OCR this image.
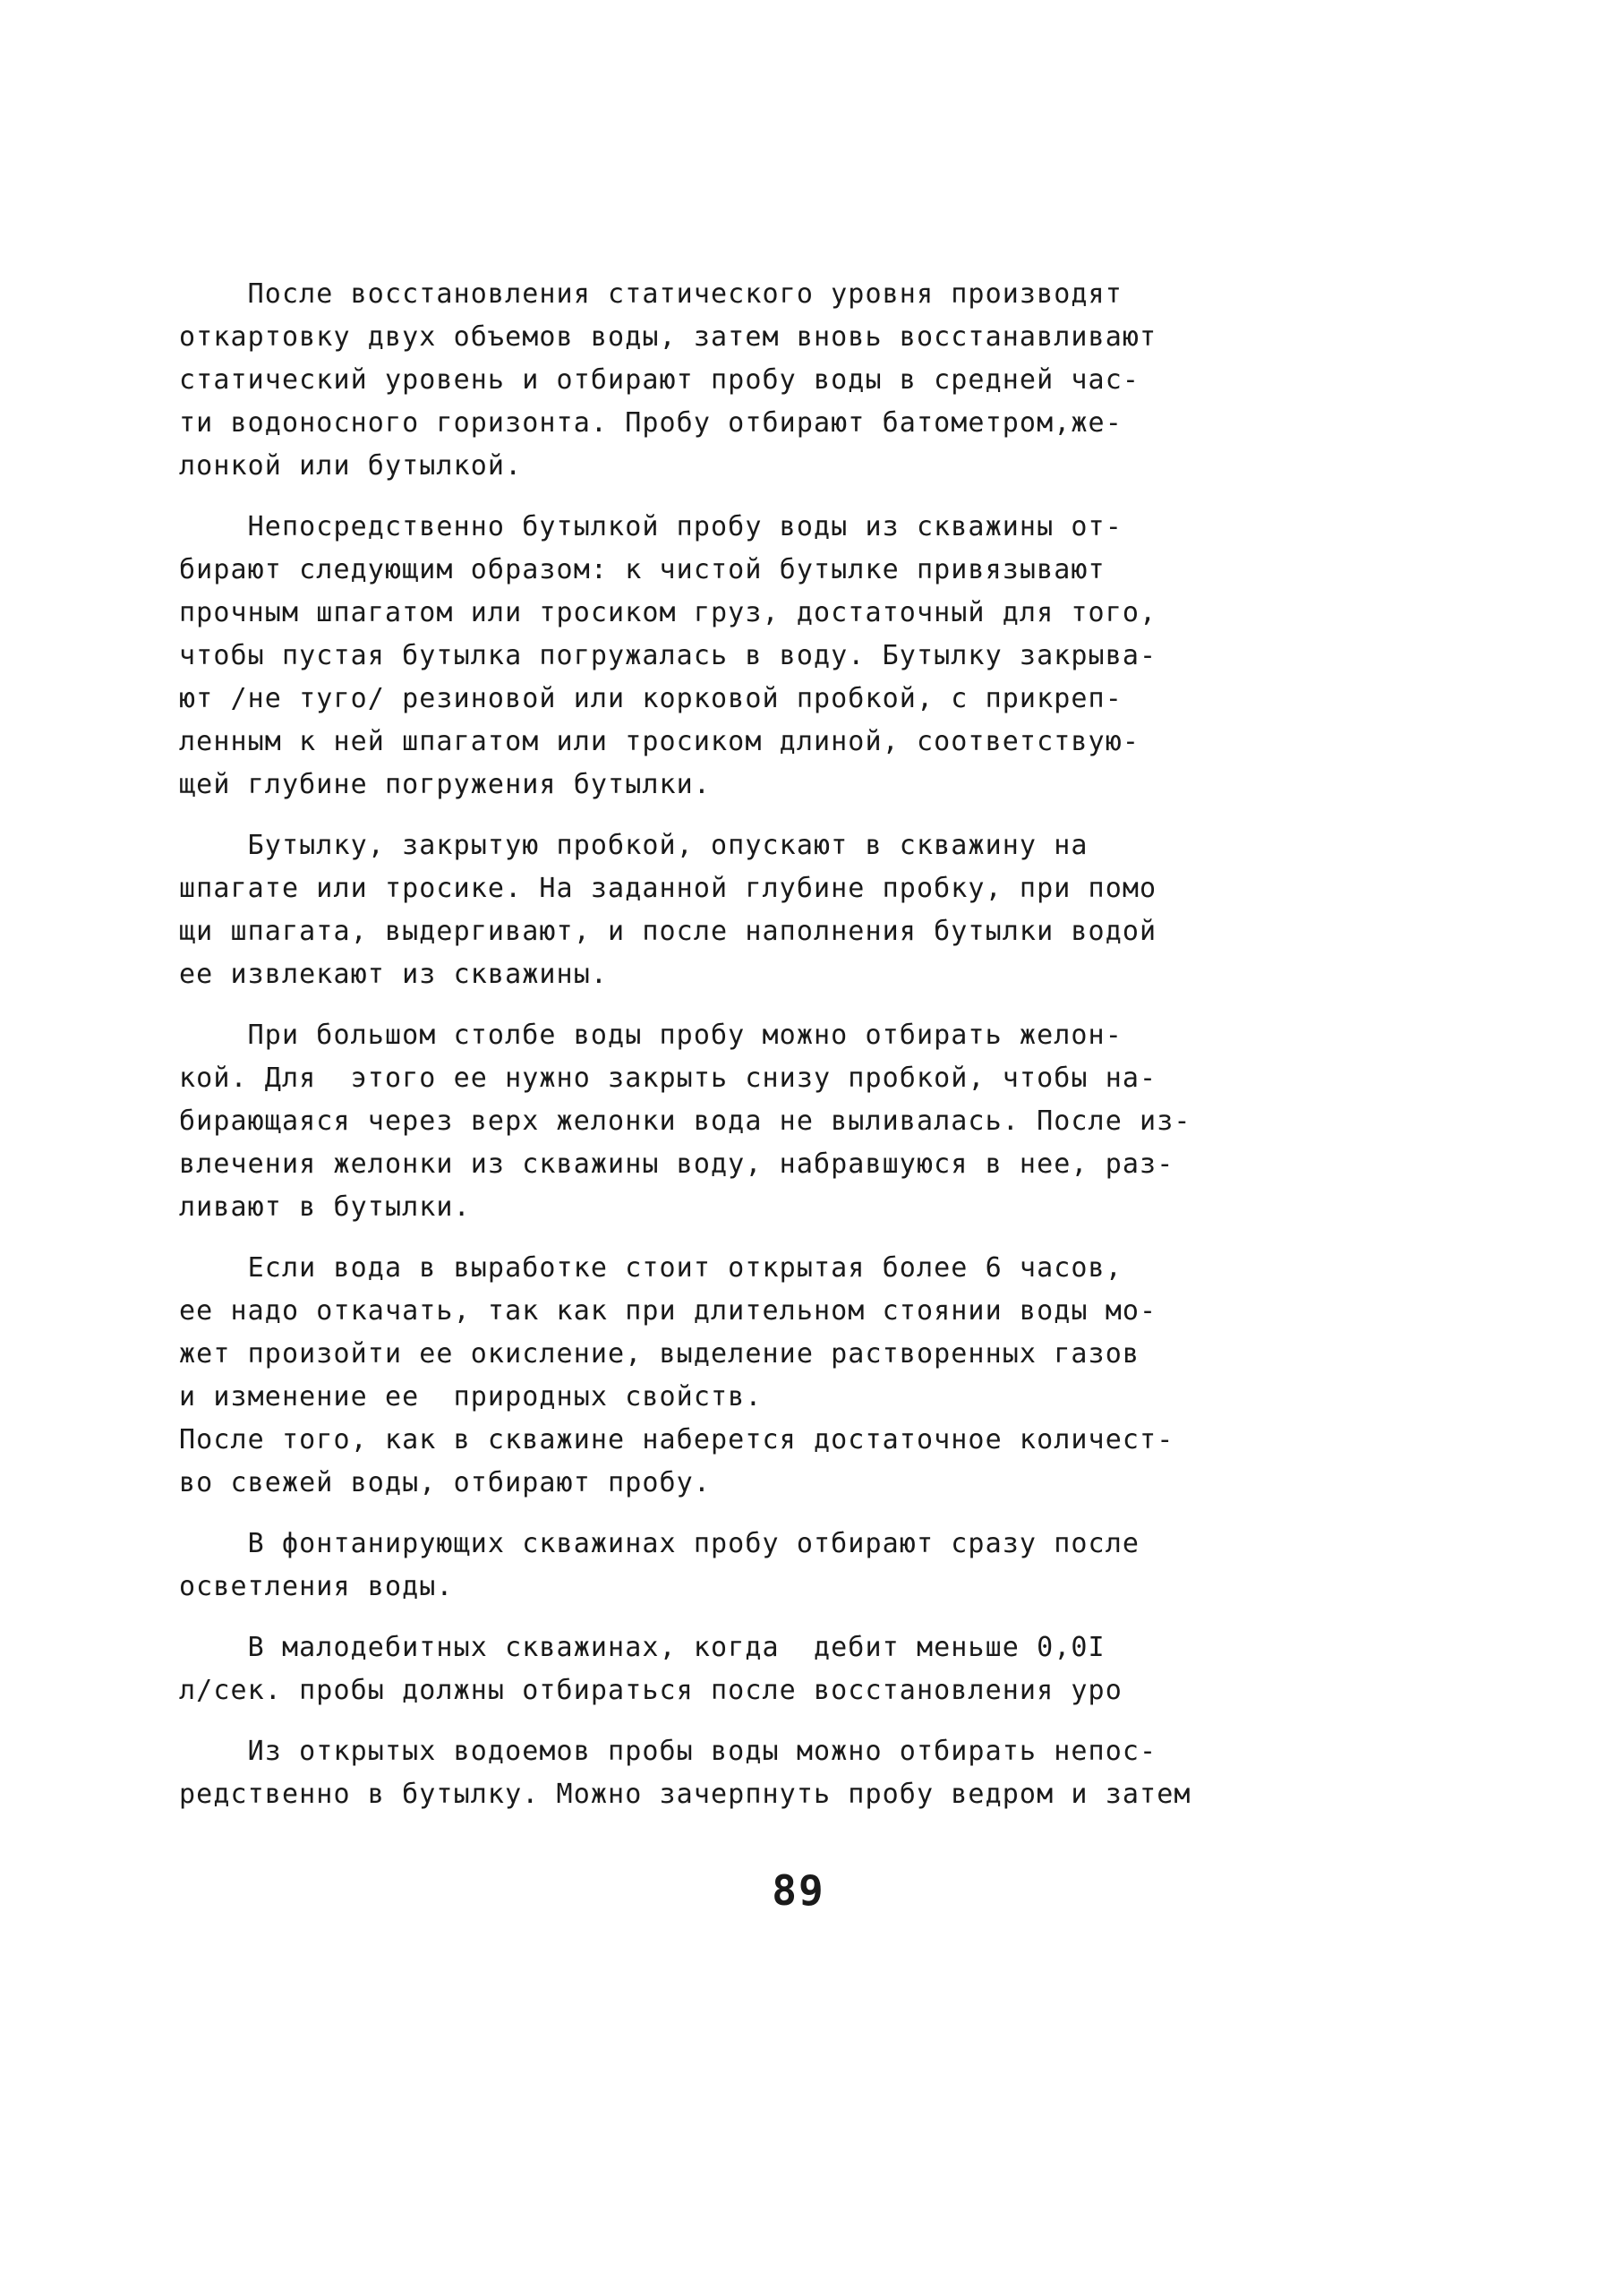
После восстановления статического уровня производят
откартовку двух объемов воды, затем вновь восстанавливают
статический уровень и отбирают пробу воды в средней час-
ти водоносного горизонта. Пробу отбирают батометром,же-
лонкой или бутылкой.

Непосредственно бутылкой пробу воды из скважины от-
бирают следующим образом: к чистой бутылке привязывают
прочным шпагатом или тросиком груз, достаточный для того,
чтобы пустая бутылка погружалась в воду. Бутылку закрыва-
ют /не туго/ резиновой или корковой пробкой, с прикреп-
ленным к ней шпагатом или тросиком длиной, соответствую-
щей глубине погружения бутылки.

Бутылку, закрытую пробкой, опускают в скважину на
шпагате или тросике. На заданной глубине пробку, при помо
щи шпагата, выдергивают, и после наполнения бутылки водой
ее извлекают из скважины.

При большом столбе воды пробу можно отбирать желон-
кой. Для  этого ее нужно закрыть снизу пробкой, чтобы на-
бирающаяся через верх желонки вода не выливалась. После из-
влечения желонки из скважины воду, набравшуюся в нее, раз-
ливают в бутылки.

Если вода в выработке стоит открытая более 6 часов,
ее надо откачать, так как при длительном стоянии воды мо-
жет произойти ее окисление, выделение растворенных газов
и изменение ее  природных свойств.
После того, как в скважине наберется достаточное количест-
во свежей воды, отбирают пробу.

В фонтанирующих скважинах пробу отбирают сразу после
осветления воды.

В малодебитных скважинах, когда  дебит меньше 0,0I
л/сек. пробы должны отбираться после восстановления уро

Из открытых водоемов пробы воды можно отбирать непос-
редственно в бутылку. Можно зачерпнуть пробу ведром и затем

89
